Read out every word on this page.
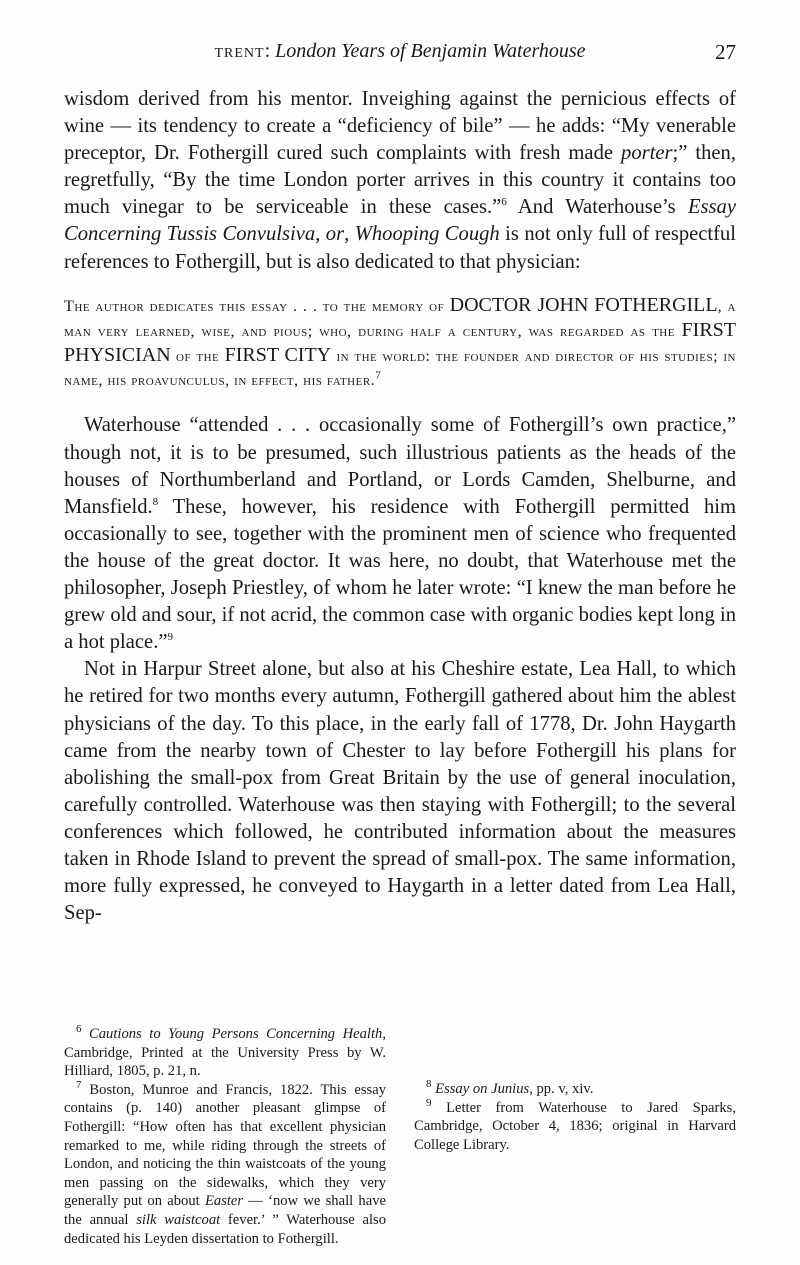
trent: London Years of Benjamin Waterhouse	27

wisdom derived from his mentor. Inveighing against the pernicious effects of wine — its tendency to create a “deficiency of bile” — he adds: “My venerable preceptor, Dr. Fothergill cured such complaints with fresh made porter;” then, regretfully, “By the time London porter arrives in this country it contains too much vinegar to be serviceable in these cases.”$^6$ And Waterhouse’s Essay Concerning Tussis Convulsiva, or, Whooping Cough is not only full of respectful references to Fothergill, but is also dedicated to that physician:

The author dedicates this essay . . . to the memory of DOCTOR JOHN FOTHERGILL, a man very learned, wise, and pious; who, during half a century, was regarded as the FIRST PHYSICIAN of the FIRST CITY in the world: the founder and director of his studies; in name, his proavunculus, in effect, his father.$^7$

Waterhouse “attended . . . occasionally some of Fothergill’s own practice,” though not, it is to be presumed, such illustrious patients as the heads of the houses of Northumberland and Portland, or Lords Camden, Shelburne, and Mansfield.$^8$ These, however, his residence with Fothergill permitted him occasionally to see, together with the prominent men of science who frequented the house of the great doctor. It was here, no doubt, that Waterhouse met the philosopher, Joseph Priestley, of whom he later wrote: “I knew the man before he grew old and sour, if not acrid, the common case with organic bodies kept long in a hot place.”$^9$

Not in Harpur Street alone, but also at his Cheshire estate, Lea Hall, to which he retired for two months every autumn, Fothergill gathered about him the ablest physicians of the day. To this place, in the early fall of 1778, Dr. John Haygarth came from the nearby town of Chester to lay before Fothergill his plans for abolishing the small-pox from Great Britain by the use of general inoculation, carefully controlled. Waterhouse was then staying with Fothergill; to the several conferences which followed, he contributed information about the measures taken in Rhode Island to prevent the spread of small-pox. The same information, more fully expressed, he conveyed to Haygarth in a letter dated from Lea Hall, Sep-

$^6$ Cautions to Young Persons Concerning Health, Cambridge, Printed at the University Press by W. Hilliard, 1805, p. 21, n.

$^7$ Boston, Munroe and Francis, 1822. This essay contains (p. 140) another pleasant glimpse of Fothergill: “How often has that excellent physician remarked to me, while riding through the streets of London, and noticing the thin waistcoats of the young men passing on the sidewalks, which they very generally put on about Easter — ‘now we shall have the annual silk waistcoat fever.’ ” Waterhouse also dedicated his Leyden dissertation to Fothergill.

$^8$ Essay on Junius, pp. v, xiv.

$^9$ Letter from Waterhouse to Jared Sparks, Cambridge, October 4, 1836; original in Harvard College Library.
